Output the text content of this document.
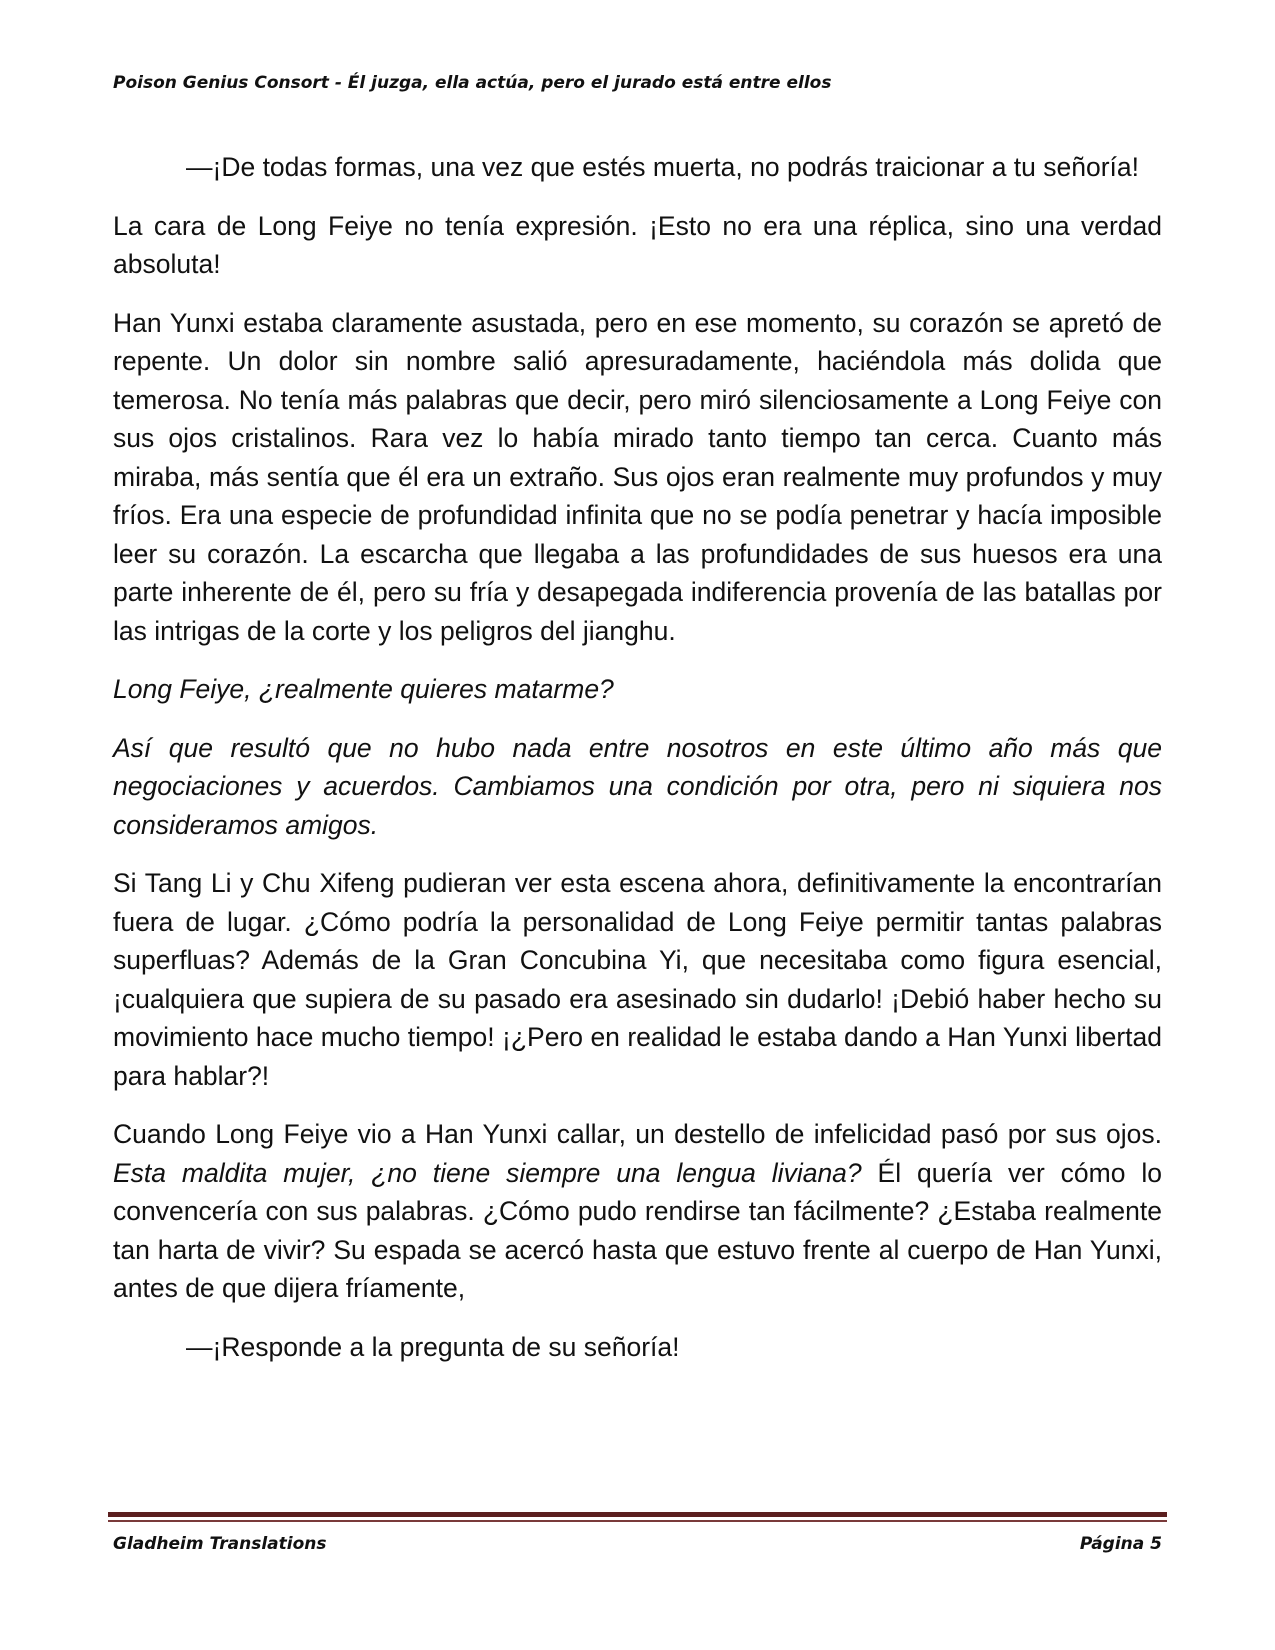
Poison Genius Consort - Él juzga, ella actúa, pero el jurado está entre ellos

—¡De todas formas, una vez que estés muerta, no podrás traicionar a tu señoría!

La cara de Long Feiye no tenía expresión. ¡Esto no era una réplica, sino una verdad absoluta!

Han Yunxi estaba claramente asustada, pero en ese momento, su corazón se apretó de repente. Un dolor sin nombre salió apresuradamente, haciéndola más dolida que temerosa. No tenía más palabras que decir, pero miró silenciosamente a Long Feiye con sus ojos cristalinos. Rara vez lo había mirado tanto tiempo tan cerca. Cuanto más miraba, más sentía que él era un extraño. Sus ojos eran realmente muy profundos y muy fríos. Era una especie de profundidad infinita que no se podía penetrar y hacía imposible leer su corazón. La escarcha que llegaba a las profundidades de sus huesos era una parte inherente de él, pero su fría y desapegada indiferencia provenía de las batallas por las intrigas de la corte y los peligros del jianghu.

Long Feiye, ¿realmente quieres matarme?

Así que resultó que no hubo nada entre nosotros en este último año más que negociaciones y acuerdos. Cambiamos una condición por otra, pero ni siquiera nos consideramos amigos.

Si Tang Li y Chu Xifeng pudieran ver esta escena ahora, definitivamente la encontrarían fuera de lugar. ¿Cómo podría la personalidad de Long Feiye permitir tantas palabras superfluas? Además de la Gran Concubina Yi, que necesitaba como figura esencial, ¡cualquiera que supiera de su pasado era asesinado sin dudarlo! ¡Debió haber hecho su movimiento hace mucho tiempo! ¡¿Pero en realidad le estaba dando a Han Yunxi libertad para hablar?!

Cuando Long Feiye vio a Han Yunxi callar, un destello de infelicidad pasó por sus ojos. Esta maldita mujer, ¿no tiene siempre una lengua liviana? Él quería ver cómo lo convencería con sus palabras. ¿Cómo pudo rendirse tan fácilmente? ¿Estaba realmente tan harta de vivir? Su espada se acercó hasta que estuvo frente al cuerpo de Han Yunxi, antes de que dijera fríamente,

—¡Responde a la pregunta de su señoría!

Gladheim Translations	Página 5
